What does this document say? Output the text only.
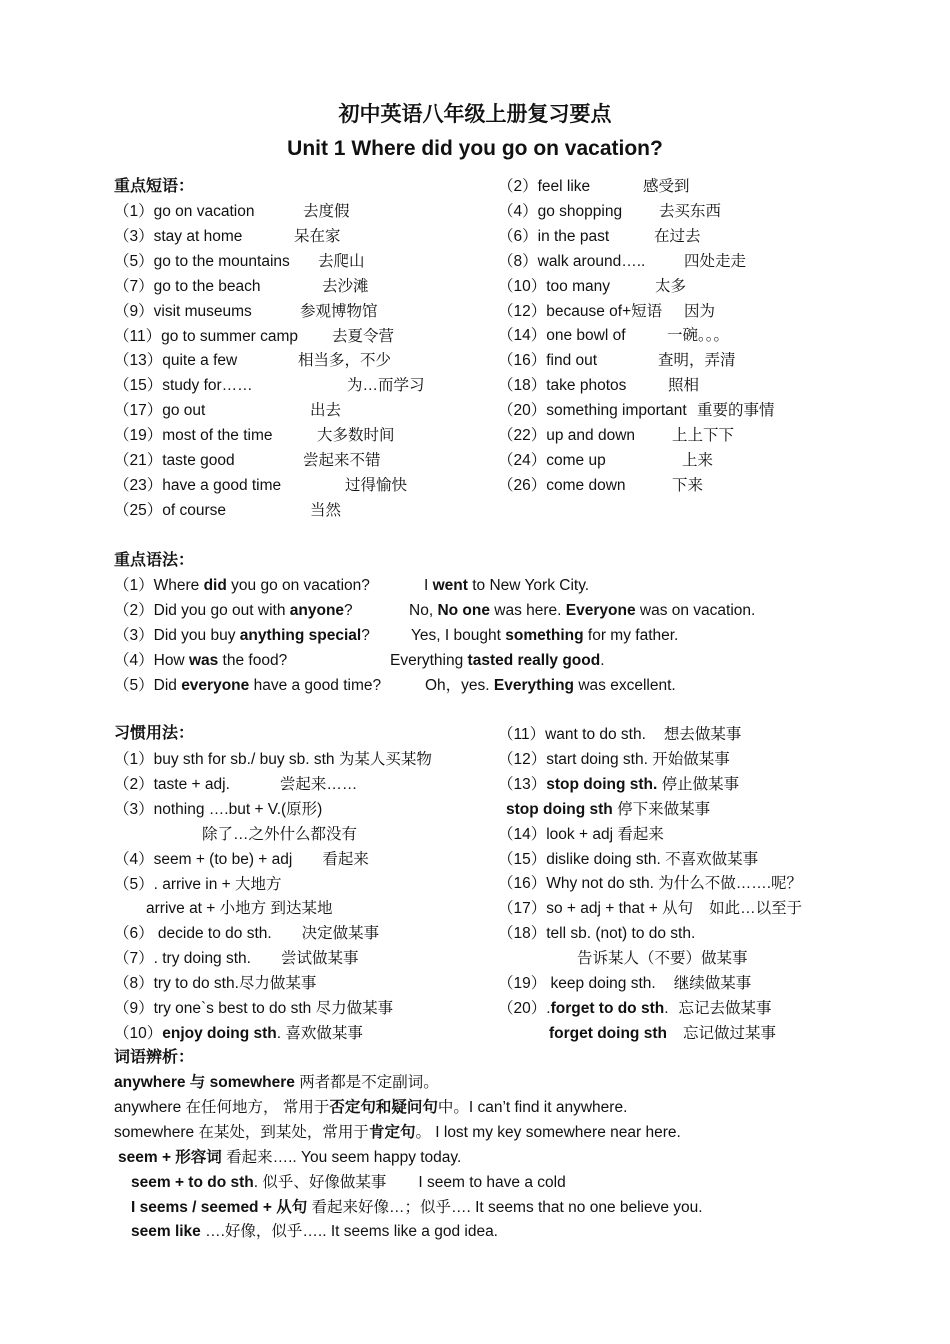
初中英语八年级上册复习要点
Unit 1 Where did you go on vacation?
重点短语：
（1）go on vacation	去度假
（3）stay at home	呆在家
（5）go to the mountains 去爬山
（7）go to the beach	去沙滩
（9）visit museums	参观博物馆
（11）go to summer camp 去夏令营
（13）quite a few	相当多，不少
（15）study for……	为…而学习
（17）go out	出去
（19）most of the time	大多数时间
（21）taste good	尝起来不错
（23）have a good time	过得愉快
（25）of course	当然
（2）feel like	感受到
（4）go shopping 去买东西
（6）in the past	在过去
（8）walk around….. 四处走走
（10）too many	太多
（12）because of+短语 因为
（14）one bowl of	一碗。。。
（16）find out	查明，弄清
（18）take photos	照相
（20）something important 重要的事情
（22）up and down 上上下下
（24）come up	上来
（26）come down	下来
重点语法：
（1）Where did you go on vacation?	I went to New York City.
（2）Did you go out with anyone?	No, No one was here. Everyone was on vacation.
（3）Did you buy anything special?	Yes, I bought something for my father.
（4）How was the food?	Everything tasted really good.
（5）Did everyone have a good time?	Oh，yes. Everything was excellent.
习惯用法：
（1）buy sth for sb./ buy sb. sth 为某人买某物
（2）taste + adj.	尝起来……
（3）nothing ….but + V.(原形)
除了…之外什么都没有
（4）seem + (to be) + adj 看起来
（5）. arrive in + 大地方
arrive at + 小地方 到达某地
（6） decide to do sth. 决定做某事
（7）. try doing sth. 尝试做某事
（8）try to do sth.尽力做某事
（9）try one`s best to do sth 尽力做某事
（10）enjoy doing sth. 喜欢做某事
（11）want to do sth. 想去做某事
（12）start doing sth. 开始做某事
（13）stop doing sth. 停止做某事
stop doing sth 停下来做某事
（14）look + adj 看起来
（15）dislike doing sth. 不喜欢做某事
（16）Why not do sth. 为什么不做…….呢？
（17）so + adj + that + 从句 如此…以至于
（18）tell sb. (not) to do sth.
告诉某人（不要）做某事
（19） keep doing sth. 继续做某事
（20）.forget to do sth. 忘记去做某事
forget doing sth 忘记做过某事
词语辨析：
anywhere 与 somewhere 两者都是不定副词。
anywhere 在任何地方， 常用于否定句和疑问句中。I can’t find it anywhere.
somewhere 在某处，到某处，常用于肯定句。 I lost my key somewhere near here.
seem + 形容词 看起来….. You seem happy today.
seem + to do sth. 似乎、好像做某事 I seem to have a cold
I seems / seemed + 从句 看起来好像…；似乎…. It seems that no one believe you.
seem like ….好像，似乎….. It seems like a god idea.
